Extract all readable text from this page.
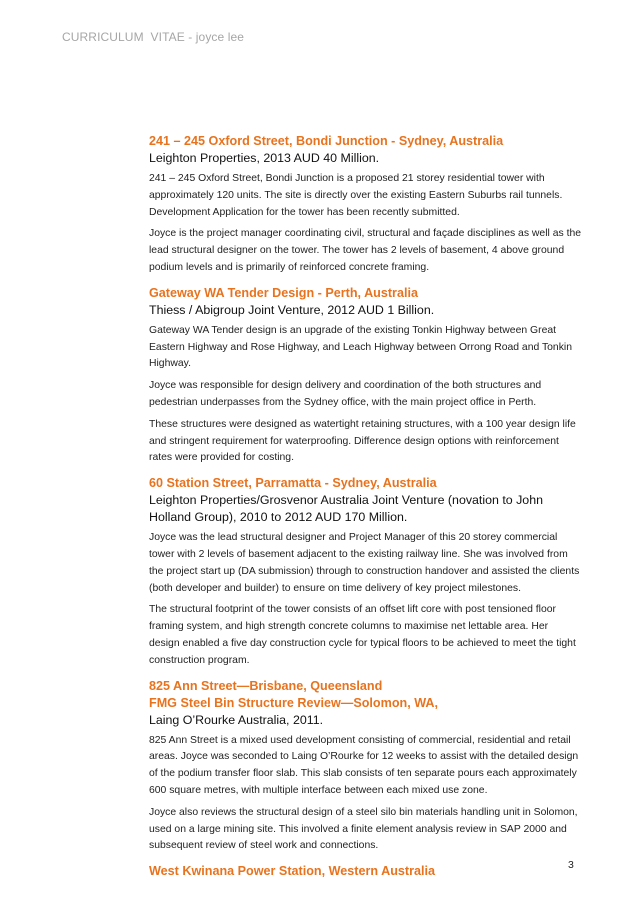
CURRICULUM  VITAE - joyce lee

241 – 245 Oxford Street, Bondi Junction - Sydney, Australia

Leighton Properties, 2013 AUD 40 Million.

241 – 245 Oxford Street, Bondi Junction is a proposed 21 storey residential tower with approximately 120 units. The site is directly over the existing Eastern Suburbs rail tunnels. Development Application for the tower has been recently submitted.

Joyce is the project manager coordinating civil, structural and façade disciplines as well as the lead structural designer on the tower. The tower has 2 levels of basement, 4 above ground podium levels and is primarily of reinforced concrete framing.

Gateway WA Tender Design - Perth, Australia

Thiess / Abigroup Joint Venture, 2012 AUD 1 Billion.

Gateway WA Tender design is an upgrade of the existing Tonkin Highway between Great Eastern Highway and Rose Highway, and Leach Highway between Orrong Road and Tonkin Highway.

Joyce was responsible for design delivery and coordination of the both structures and pedestrian underpasses from the Sydney office, with the main project office in Perth.

These structures were designed as watertight retaining structures, with a 100 year design life and stringent requirement for waterproofing. Difference design options with reinforcement rates were provided for costing.

60 Station Street, Parramatta - Sydney, Australia

Leighton Properties/Grosvenor Australia Joint Venture (novation to John Holland Group), 2010 to 2012 AUD 170 Million.

Joyce was the lead structural designer and Project Manager of this 20 storey commercial tower with 2 levels of basement adjacent to the existing railway line. She was involved from the project start up (DA submission) through to construction handover and assisted the clients (both developer and builder) to ensure on time delivery of key project milestones.

The structural footprint of the tower consists of an offset lift core with post tensioned floor framing system, and high strength concrete columns to maximise net lettable area. Her design enabled a five day construction cycle for typical floors to be achieved to meet the tight construction program.

825 Ann Street—Brisbane, Queensland

FMG Steel Bin Structure Review—Solomon, WA,

Laing O’Rourke Australia, 2011.

825 Ann Street is a mixed used development consisting of commercial, residential and retail areas. Joyce was seconded to Laing O’Rourke for 12 weeks to assist with the detailed design of the podium transfer floor slab. This slab consists of ten separate pours each approximately 600 square metres, with multiple interface between each mixed use zone.

Joyce also reviews the structural design of a steel silo bin materials handling unit in Solomon, used on a large mining site. This involved a finite element analysis review in SAP 2000 and subsequent review of steel work and connections.

West Kwinana Power Station, Western Australia	3
